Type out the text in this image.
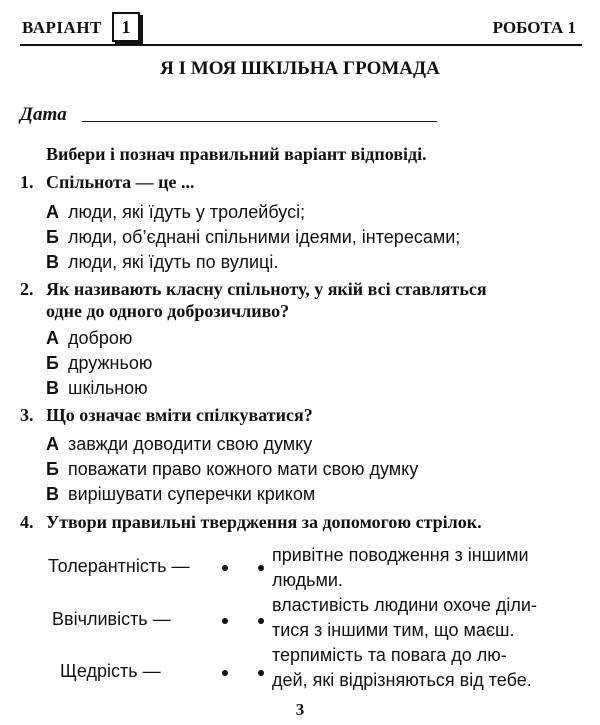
ВАРІАНТ	1	РОБОТА 1
Я І МОЯ ШКІЛЬНА ГРОМАДА
Дата
Вибери і познач правильний варіант відповіді.
1. Спільнота — це ...
А люди, які їдуть у тролейбусі;
Б люди, об’єднані спільними ідеями, інтересами;
В люди, які їдуть по вулиці.
2. Як називають класну спільноту, у якій всі ставляться
одне до одного доброзичливо?
А доброю
Б дружньою
В шкільною
3. Що означає вміти спілкуватися?
А завжди доводити свою думку
Б поважати право кожного мати свою думку
В вирішувати суперечки криком
4. Утвори правильні твердження за допомогою стрілок.
Толерантність —
привітне поводження з іншими
людьми.
Ввічливість —
властивість людини охоче діли-
тися з іншими тим, що маєш.
Щедрість —
терпимість та повага до лю-
дей, які відрізняються від тебе.
3
